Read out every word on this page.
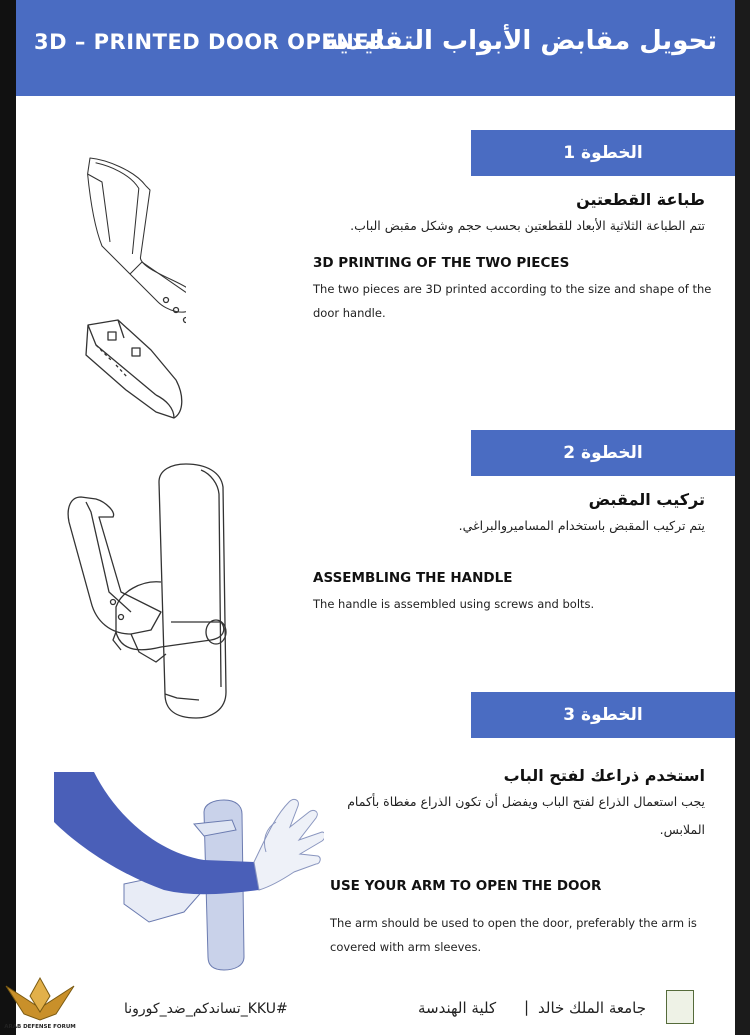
3D – PRINTED DOOR OPENER
تحويل مقابض الأبواب التقليدية
الخطوة 1
طباعة القطعتين
تتم الطباعة الثلاثية الأبعاد للقطعتين بحسب حجم وشكل مقبض الباب.
3D PRINTING OF THE TWO PIECES
The two pieces are 3D printed according to the size and shape of the
door handle.
الخطوة 2
تركيب المقبض
يتم تركيب المقبض باستخدام المساميروالبراغي.
ASSEMBLING THE HANDLE
The handle is assembled using screws and bolts.
الخطوة 3
استخدم ذراعك لفتح الباب
يجب استعمال الذراع لفتح الباب ويفضل أن تكون الذراع مغطاة بأكمام
الملابس.
USE YOUR ARM TO OPEN THE DOOR
The arm should be used to open the door, preferably the arm is
covered with arm sleeves.
#KKU_تساندكم_ضد_كورونا	كلية الهندسة | جامعة الملك خالد
ARAB DEFENSE FORUM
